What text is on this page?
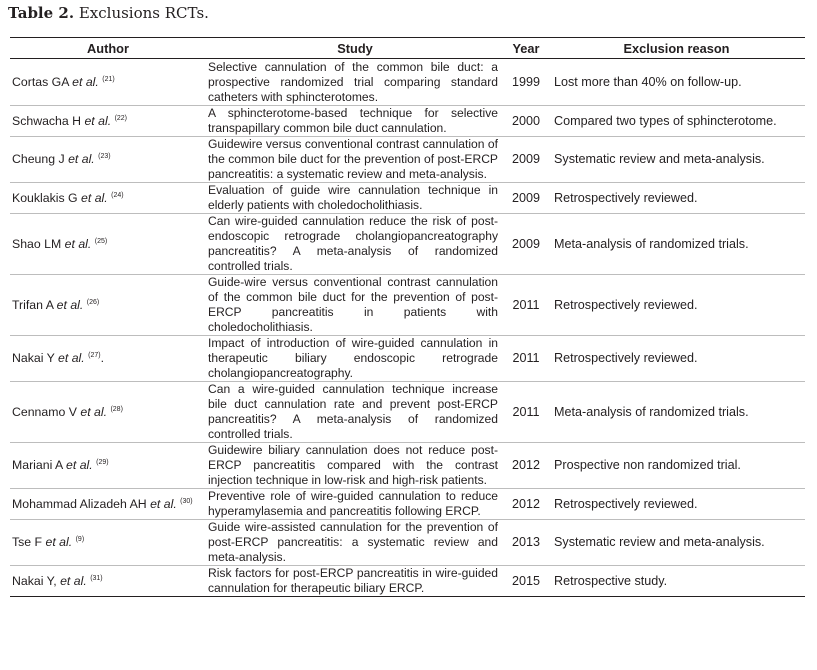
Table 2. Exclusions RCTs.
Author	Study	Year	Exclusion reason
Cortas GA et al. $^{(21)}$	Selective cannulation of the common bile duct: a prospective randomized trial comparing standard catheters with sphincterotomes.	1999	Lost more than 40% on follow-up.
Schwacha H et al. $^{(22)}$	A sphincterotome-based technique for selective transpapillary common bile duct cannulation.	2000	Compared two types of sphincterotome.
Cheung J et al. $^{(23)}$	Guidewire versus conventional contrast cannulation of the common bile duct for the prevention of post-ERCP pancreatitis: a systematic review and meta-analysis.	2009	Systematic review and meta-analysis.
Kouklakis G et al. $^{(24)}$	Evaluation of guide wire cannulation technique in elderly patients with choledocholithiasis.	2009	Retrospectively reviewed.
Shao LM et al. $^{(25)}$	Can wire-guided cannulation reduce the risk of post-endoscopic retrograde cholangiopancreatography pancreatitis? A meta-analysis of randomized controlled trials.	2009	Meta-analysis of randomized trials.
Trifan A et al. $^{(26)}$	Guide-wire versus conventional contrast cannulation of the common bile duct for the prevention of post-ERCP pancreatitis in patients with choledocholithiasis.	2011	Retrospectively reviewed.
Nakai Y et al. $^{(27)}$.	Impact of introduction of wire-guided cannulation in therapeutic biliary endoscopic retrograde cholangiopancreatography.	2011	Retrospectively reviewed.
Cennamo V et al. $^{(28)}$	Can a wire-guided cannulation technique increase bile duct cannulation rate and prevent post-ERCP pancreatitis? A meta-analysis of randomized controlled trials.	2011	Meta-analysis of randomized trials.
Mariani A et al. $^{(29)}$	Guidewire biliary cannulation does not reduce post-ERCP pancreatitis compared with the contrast injection technique in low-risk and high-risk patients.	2012	Prospective non randomized trial.
Mohammad Alizadeh AH et al. $^{(30)}$	Preventive role of wire-guided cannulation to reduce hyperamylasemia and pancreatitis following ERCP.	2012	Retrospectively reviewed.
Tse F et al. $^{(9)}$	Guide wire-assisted cannulation for the prevention of post-ERCP pancreatitis: a systematic review and meta-analysis.	2013	Systematic review and meta-analysis.
Nakai Y, et al. $^{(31)}$	Risk factors for post-ERCP pancreatitis in wire-guided cannulation for therapeutic biliary ERCP.	2015	Retrospective study.
